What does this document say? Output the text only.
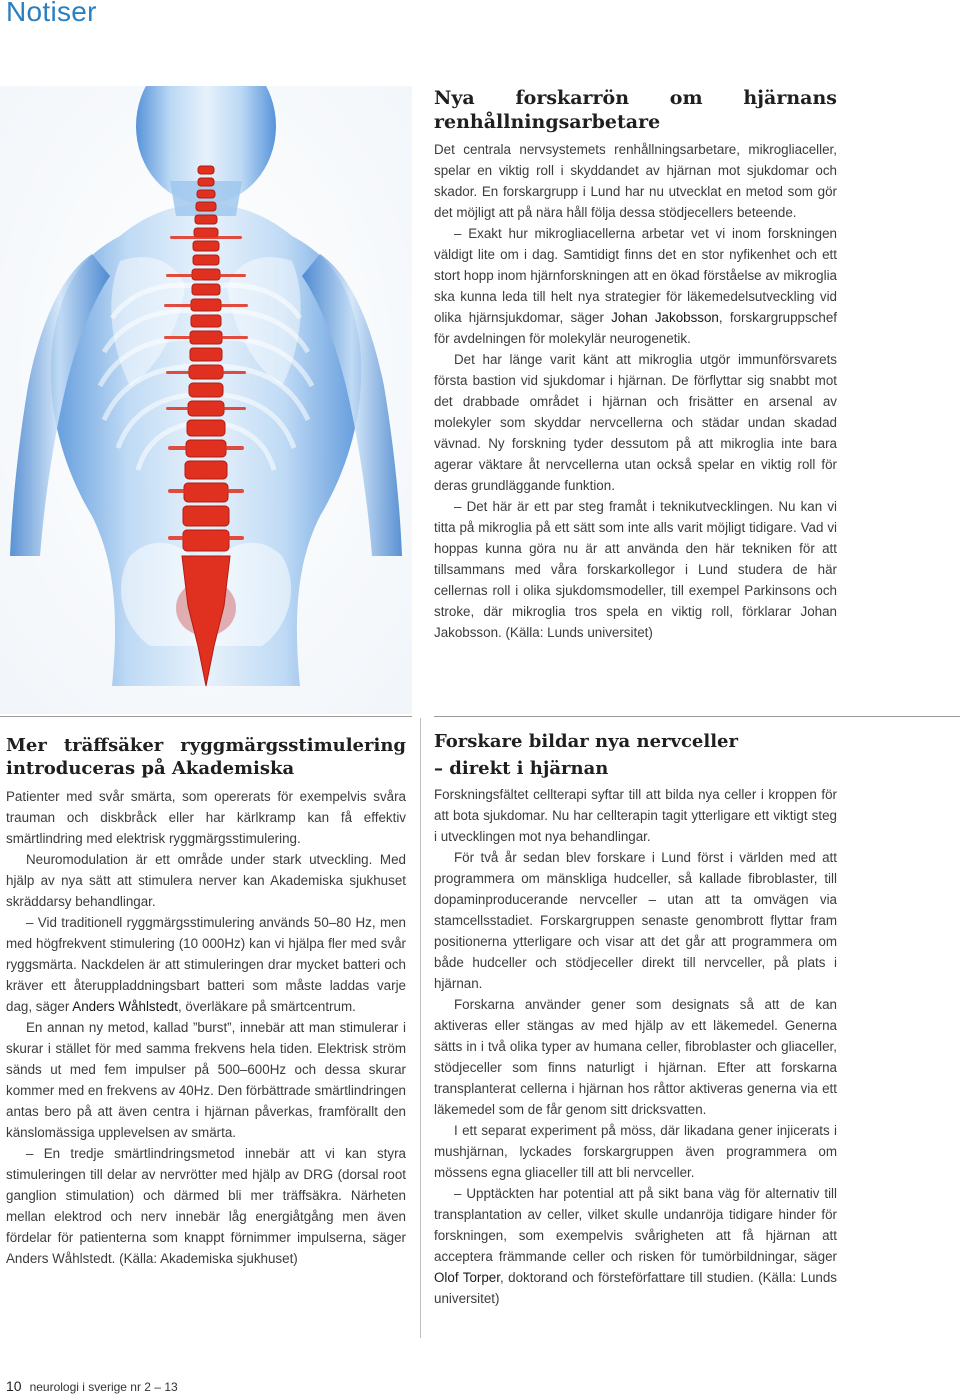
Notiser
Nya forskarrön om hjärnans renhållningsarbetare

Det centrala nervsystemets renhållningsarbetare, mikrogliaceller, spelar en viktig roll i skyddandet av hjärnan mot sjukdomar och skador. En forskargrupp i Lund har nu utvecklat en metod som gör det möjligt att på nära håll följa dessa stödjecellers beteende.

– Exakt hur mikrogliacellerna arbetar vet vi inom forskningen väldigt lite om i dag. Samtidigt finns det en stor nyfikenhet och ett stort hopp inom hjärnforskningen att en ökad förståelse av mikroglia ska kunna leda till helt nya strategier för läkemedelsutveckling vid olika hjärnsjukdomar, säger Johan Jakobsson, forskargruppschef för avdelningen för molekylär neurogenetik.

Det har länge varit känt att mikroglia utgör immunförsvarets första bastion vid sjukdomar i hjärnan. De förflyttar sig snabbt mot det drabbade området i hjärnan och frisätter en arsenal av molekyler som skyddar nervcellerna och städar undan skadad vävnad. Ny forskning tyder dessutom på att mikroglia inte bara agerar väktare åt nervcellerna utan också spelar en viktig roll för deras grundläggande funktion.

– Det här är ett par steg framåt i teknikutvecklingen. Nu kan vi titta på mikroglia på ett sätt som inte alls varit möjligt tidigare. Vad vi hoppas kunna göra nu är att använda den här tekniken för att tillsammans med våra forskarkollegor i Lund studera de här cellernas roll i olika sjukdomsmodeller, till exempel Parkinsons och stroke, där mikroglia tros spela en viktig roll, förklarar Johan Jakobsson. (Källa: Lunds universitet)

Mer träffsäker ryggmärgsstimulering introduceras på Akademiska

Patienter med svår smärta, som opererats för exempelvis svåra trauman och diskbråck eller har kärlkramp kan få effektiv smärtlindring med elektrisk ryggmärgsstimulering.

Neuromodulation är ett område under stark utveckling. Med hjälp av nya sätt att stimulera nerver kan Akademiska sjukhuset skräddarsy behandlingar.

– Vid traditionell ryggmärgsstimulering används 50–80 Hz, men med högfrekvent stimulering (10 000Hz) kan vi hjälpa fler med svår ryggsmärta. Nackdelen är att stimuleringen drar mycket batteri och kräver ett återuppladdningsbart batteri som måste laddas varje dag, säger Anders Wåhlstedt, överläkare på smärtcentrum.

En annan ny metod, kallad ”burst”, innebär att man stimulerar i skurar i stället för med samma frekvens hela tiden. Elektrisk ström sänds ut med fem impulser på 500–600Hz och dessa skurar kommer med en frekvens av 40Hz. Den förbättrade smärtlindringen antas bero på att även centra i hjärnan påverkas, framförallt den känslomässiga upplevelsen av smärta.

– En tredje smärtlindringsmetod innebär att vi kan styra stimuleringen till delar av nervrötter med hjälp av DRG (dorsal root ganglion stimulation) och därmed bli mer träffsäkra. Närheten mellan elektrod och nerv innebär låg energiåtgång men även fördelar för patienterna som knappt förnimmer impulserna, säger Anders Wåhlstedt. (Källa: Akademiska sjukhuset)

Forskare bildar nya nervceller
– direkt i hjärnan

Forskningsfältet cellterapi syftar till att bilda nya celler i kroppen för att bota sjukdomar. Nu har cellterapin tagit ytterligare ett viktigt steg i utvecklingen mot nya behandlingar.

För två år sedan blev forskare i Lund först i världen med att programmera om mänskliga hudceller, så kallade fibroblaster, till dopaminproducerande nervceller – utan att ta omvägen via stamcellsstadiet. Forskargruppen senaste genombrott flyttar fram positionerna ytterligare och visar att det går att programmera om både hudceller och stödjeceller direkt till nervceller, på plats i hjärnan.

Forskarna använder gener som designats så att de kan aktiveras eller stängas av med hjälp av ett läkemedel. Generna sätts in i två olika typer av humana celler, fibroblaster och gliaceller, stödjeceller som finns naturligt i hjärnan. Efter att forskarna transplanterat cellerna i hjärnan hos råttor aktiveras generna via ett läkemedel som de får genom sitt dricksvatten.

I ett separat experiment på möss, där likadana gener injicerats i mushjärnan, lyckades forskargruppen även programmera om mössens egna gliaceller till att bli nervceller.

– Upptäckten har potential att på sikt bana väg för alternativ till transplantation av celler, vilket skulle undanröja tidigare hinder för forskningen, som exempelvis svårigheten att få hjärnan att acceptera främmande celler och risken för tumörbildningar, säger Olof Torper, doktorand och försteförfattare till studien. (Källa: Lunds universitet)

10 neurologi i sverige nr 2 – 13
